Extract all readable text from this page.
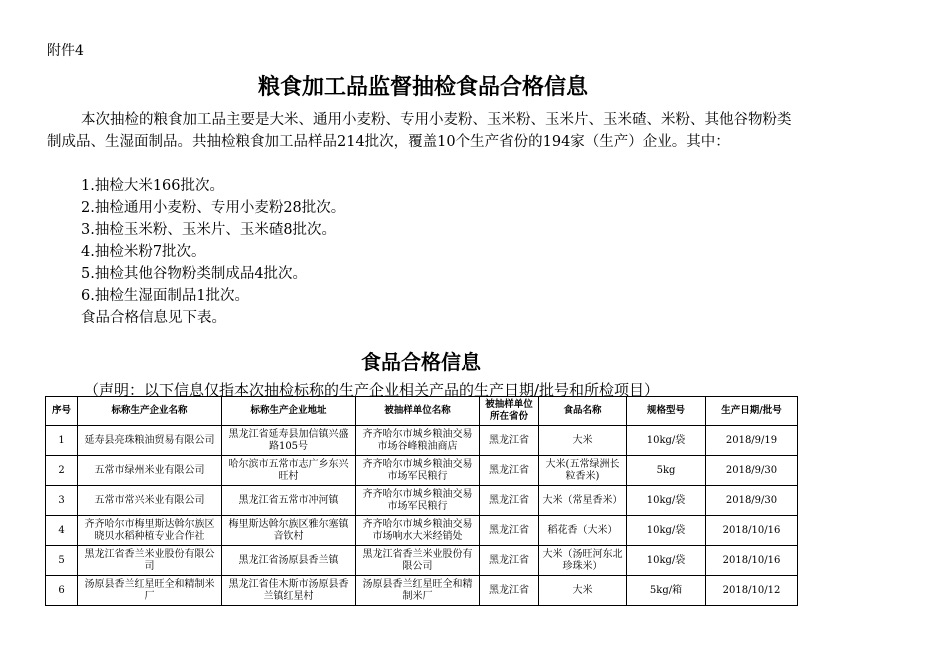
附件4
粮食加工品监督抽检食品合格信息

本次抽检的粮食加工品主要是大米、通用小麦粉、专用小麦粉、玉米粉、玉米片、玉米碴、米粉、其他谷物粉类制成品、生湿面制品。共抽检粮食加工品样品214批次，覆盖10个生产省份的194家（生产）企业。其中：

1.抽检大米166批次。
2.抽检通用小麦粉、专用小麦粉28批次。
3.抽检玉米粉、玉米片、玉米碴8批次。
4.抽检米粉7批次。
5.抽检其他谷物粉类制成品4批次。
6.抽检生湿面制品1批次。
食品合格信息见下表。
食品合格信息
（声明：以下信息仅指本次抽检标称的生产企业相关产品的生产日期/批号和所检项目）
序号	标称生产企业名称	标称生产企业地址	被抽样单位名称	被抽样单位所在省份	食品名称	规格型号	生产日期/批号
1	延寿县亮珠粮油贸易有限公司	黑龙江省延寿县加信镇兴盛路105号	齐齐哈尔市城乡粮油交易市场谷峰粮油商店	黑龙江省	大米	10kg/袋	2018/9/19
2	五常市绿州米业有限公司	哈尔滨市五常市志广乡东兴旺村	齐齐哈尔市城乡粮油交易市场军民粮行	黑龙江省	大米(五常绿洲长粒香米)	5kg	2018/9/30
3	五常市常兴米业有限公司	黑龙江省五常市冲河镇	齐齐哈尔市城乡粮油交易市场军民粮行	黑龙江省	大米（常星香米）	10kg/袋	2018/9/30
4	齐齐哈尔市梅里斯达斡尔族区晓贝水稻种植专业合作社	梅里斯达斡尔族区雅尔塞镇音钦村	齐齐哈尔市城乡粮油交易市场响水大米经销处	黑龙江省	稻花香（大米）	10kg/袋	2018/10/16
5	黑龙江省香兰米业股份有限公司	黑龙江省汤原县香兰镇	黑龙江省香兰米业股份有限公司	黑龙江省	大米（汤旺河东北珍珠米）	10kg/袋	2018/10/16
6	汤原县香兰红星旺全和精制米厂	黑龙江省佳木斯市汤原县香兰镇红星村	汤原县香兰红星旺全和精制米厂	黑龙江省	大米	5kg/箱	2018/10/12
